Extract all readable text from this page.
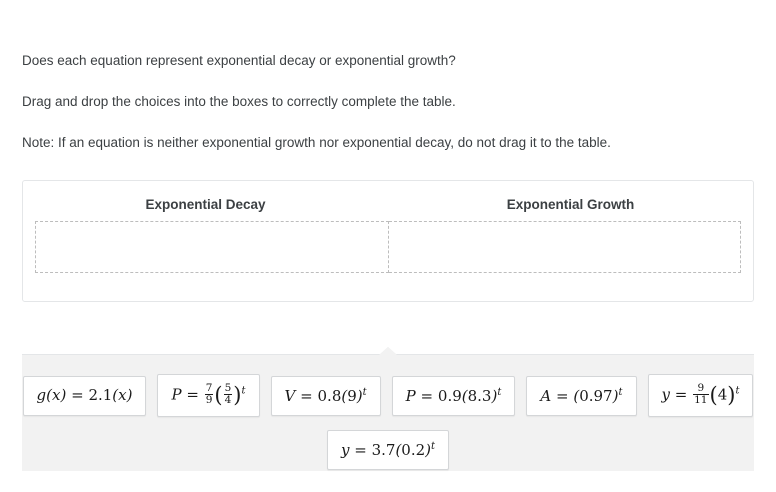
Does each equation represent exponential decay or exponential growth?
Drag and drop the choices into the boxes to correctly complete the table.
Note: If an equation is neither exponential growth nor exponential decay, do not drag it to the table.
Exponential Decay	Exponential Growth
g(x) = 2.1(x)	$P = \frac{7}{9}$ ( $\frac{5}{4} )^t$	$V = 0.8(9)^t$	$P = 0.9(8.3)^t$	$A = (0.97)^t$	$y = \frac{9}{11} (4)^t$
$y = 3.7(0.2)^t$
